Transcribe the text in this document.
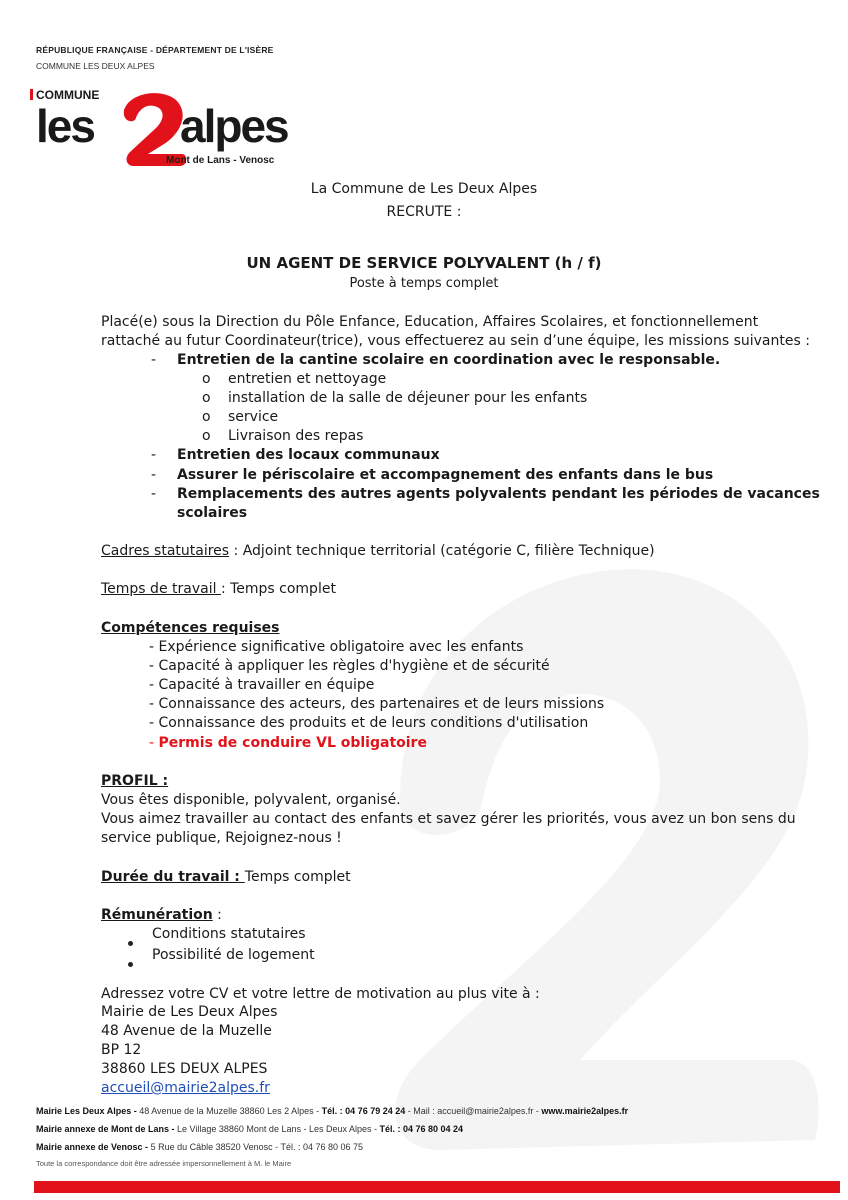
RÉPUBLIQUE FRANÇAISE - DÉPARTEMENT DE L'ISÈRE
COMMUNE LES DEUX ALPES
COMMUNE
les alpes
Mont de Lans - Venosc
La Commune de Les Deux Alpes
RECRUTE :
UN AGENT DE SERVICE POLYVALENT (h / f)
Poste à temps complet
Placé(e) sous la Direction du Pôle Enfance, Education, Affaires Scolaires, et fonctionnellement
rattaché au futur Coordinateur(trice), vous effectuerez au sein d’une équipe, les missions suivantes :
- Entretien de la cantine scolaire en coordination avec le responsable.
o entretien et nettoyage
o installation de la salle de déjeuner pour les enfants
o service
o Livraison des repas
- Entretien des locaux communaux
- Assurer le périscolaire et accompagnement des enfants dans le bus
- Remplacements des autres agents polyvalents pendant les périodes de vacances
scolaires
Cadres statutaires : Adjoint technique territorial (catégorie C, filière Technique)
Temps de travail : Temps complet
Compétences requises
- Expérience significative obligatoire avec les enfants
- Capacité à appliquer les règles d'hygiène et de sécurité
- Capacité à travailler en équipe
- Connaissance des acteurs, des partenaires et de leurs missions
- Connaissance des produits et de leurs conditions d'utilisation
- Permis de conduire VL obligatoire
PROFIL :
Vous êtes disponible, polyvalent, organisé.
Vous aimez travailler au contact des enfants et savez gérer les priorités, vous avez un bon sens du
service publique, Rejoignez-nous !
Durée du travail : Temps complet
Rémunération :
Conditions statutaires
Possibilité de logement
Adressez votre CV et votre lettre de motivation au plus vite à :
Mairie de Les Deux Alpes
48 Avenue de la Muzelle
BP 12
38860 LES DEUX ALPES
accueil@mairie2alpes.fr
Mairie Les Deux Alpes - 48 Avenue de la Muzelle 38860 Les 2 Alpes - Tél. : 04 76 79 24 24 - Mail : accueil@mairie2alpes.fr - www.mairie2alpes.fr
Mairie annexe de Mont de Lans - Le Village 38860 Mont de Lans - Les Deux Alpes - Tél. : 04 76 80 04 24
Mairie annexe de Venosc - 5 Rue du Câble 38520 Venosc - Tél. : 04 76 80 06 75
Toute la correspondance doit être adressée impersonnellement à M. le Maire
